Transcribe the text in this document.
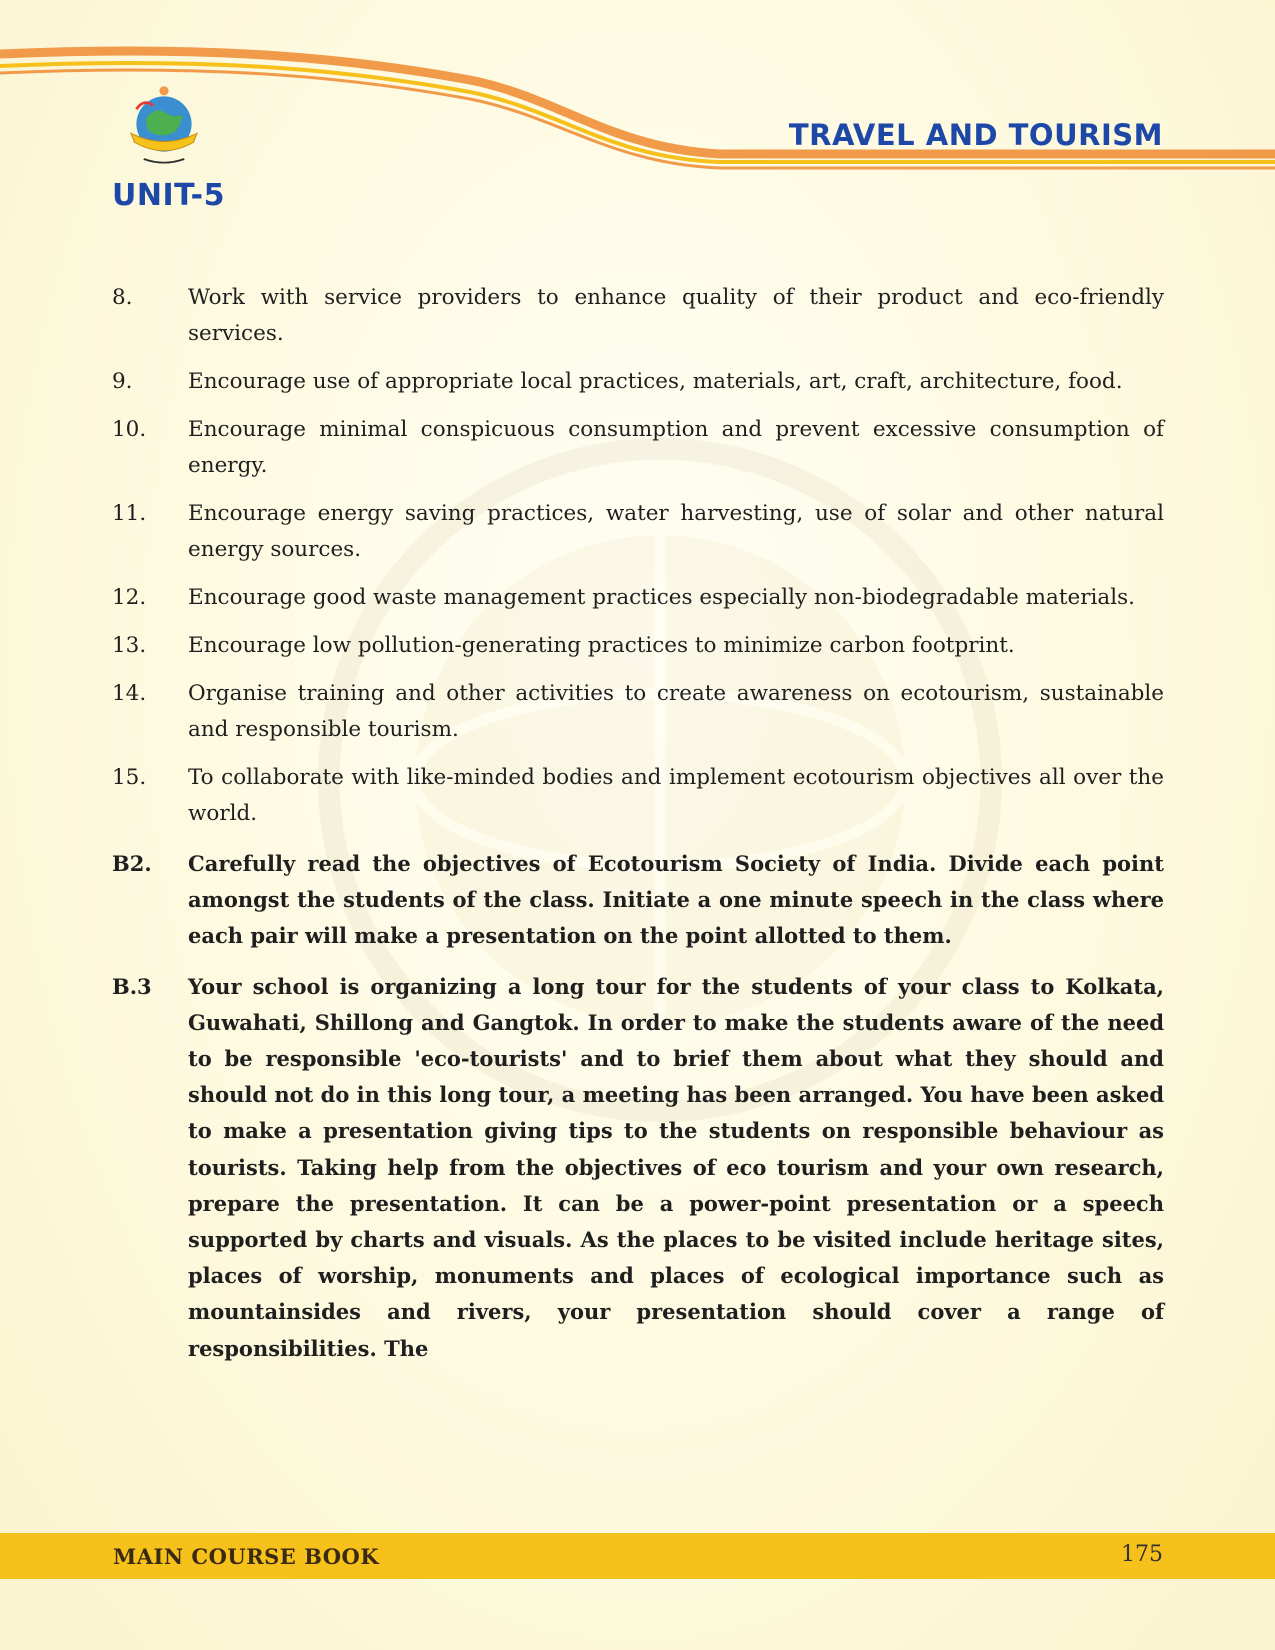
UNIT-5
TRAVEL AND TOURISM
8.	Work with service providers to enhance quality of their product and eco-friendly services.
9.	Encourage use of appropriate local practices, materials, art, craft, architecture, food.
10.	Encourage minimal conspicuous consumption and prevent excessive consumption of energy.
11.	Encourage energy saving practices, water harvesting, use of solar and other natural energy sources.
12.	Encourage good waste management practices especially non-biodegradable materials.
13.	Encourage low pollution-generating practices to minimize carbon footprint.
14.	Organise training and other activities to create awareness on ecotourism, sustainable and responsible tourism.
15.	To collaborate with like-minded bodies and implement ecotourism objectives all over the world.
B2.	Carefully read the objectives of Ecotourism Society of India. Divide each point amongst the students of the class. Initiate a one minute speech in the class where each pair will make a presentation on the point allotted to them.
B.3	Your school is organizing a long tour for the students of your class to Kolkata, Guwahati, Shillong and Gangtok. In order to make the students aware of the need to be responsible 'eco-tourists' and to brief them about what they should and should not do in this long tour, a meeting has been arranged. You have been asked to make a presentation giving tips to the students on responsible behaviour as tourists. Taking help from the objectives of eco tourism and your own research, prepare the presentation. It can be a power-point presentation or a speech supported by charts and visuals. As the places to be visited include heritage sites, places of worship, monuments and places of ecological importance such as mountainsides and rivers, your presentation should cover a range of responsibilities. The
MAIN COURSE BOOK	175
